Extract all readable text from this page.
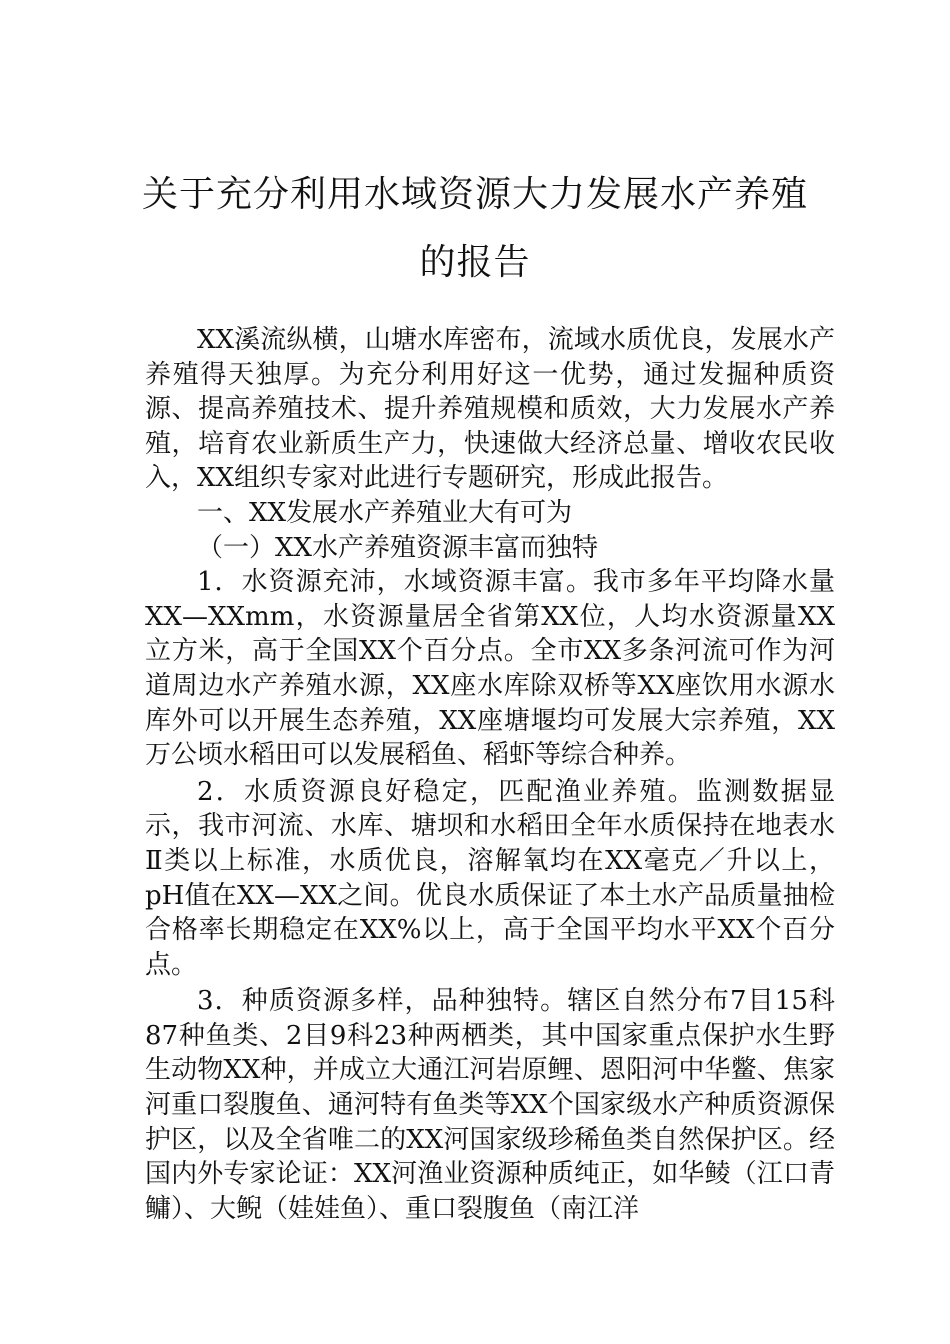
关于充分利用水域资源大力发展水产养殖
的报告

XX溪流纵横，山塘水库密布，流域水质优良，发展水产养殖得天独厚。为充分利用好这一优势，通过发掘种质资源、提高养殖技术、提升养殖规模和质效，大力发展水产养殖，培育农业新质生产力，快速做大经济总量、增收农民收入，XX组织专家对此进行专题研究，形成此报告。

一、XX发展水产养殖业大有可为

（一）XX水产养殖资源丰富而独特

1．水资源充沛，水域资源丰富。我市多年平均降水量XX—XXmm，水资源量居全省第XX位，人均水资源量XX立方米，高于全国XX个百分点。全市XX多条河流可作为河道周边水产养殖水源，XX座水库除双桥等XX座饮用水源水库外可以开展生态养殖，XX座塘堰均可发展大宗养殖，XX万公顷水稻田可以发展稻鱼、稻虾等综合种养。

2．水质资源良好稳定，匹配渔业养殖。监测数据显示，我市河流、水库、塘坝和水稻田全年水质保持在地表水Ⅱ类以上标准，水质优良，溶解氧均在XX毫克／升以上，pH值在XX—XX之间。优良水质保证了本土水产品质量抽检合格率长期稳定在XX%以上，高于全国平均水平XX个百分点。

3．种质资源多样，品种独特。辖区自然分布7目15科87种鱼类、2目9科23种两栖类，其中国家重点保护水生野生动物XX种，并成立大通江河岩原鲤、恩阳河中华鳖、焦家河重口裂腹鱼、通河特有鱼类等XX个国家级水产种质资源保护区，以及全省唯二的XX河国家级珍稀鱼类自然保护区。经国内外专家论证：XX河渔业资源种质纯正，如华鲮（江口青鳙）、大鲵（娃娃鱼）、重口裂腹鱼（南江洋
